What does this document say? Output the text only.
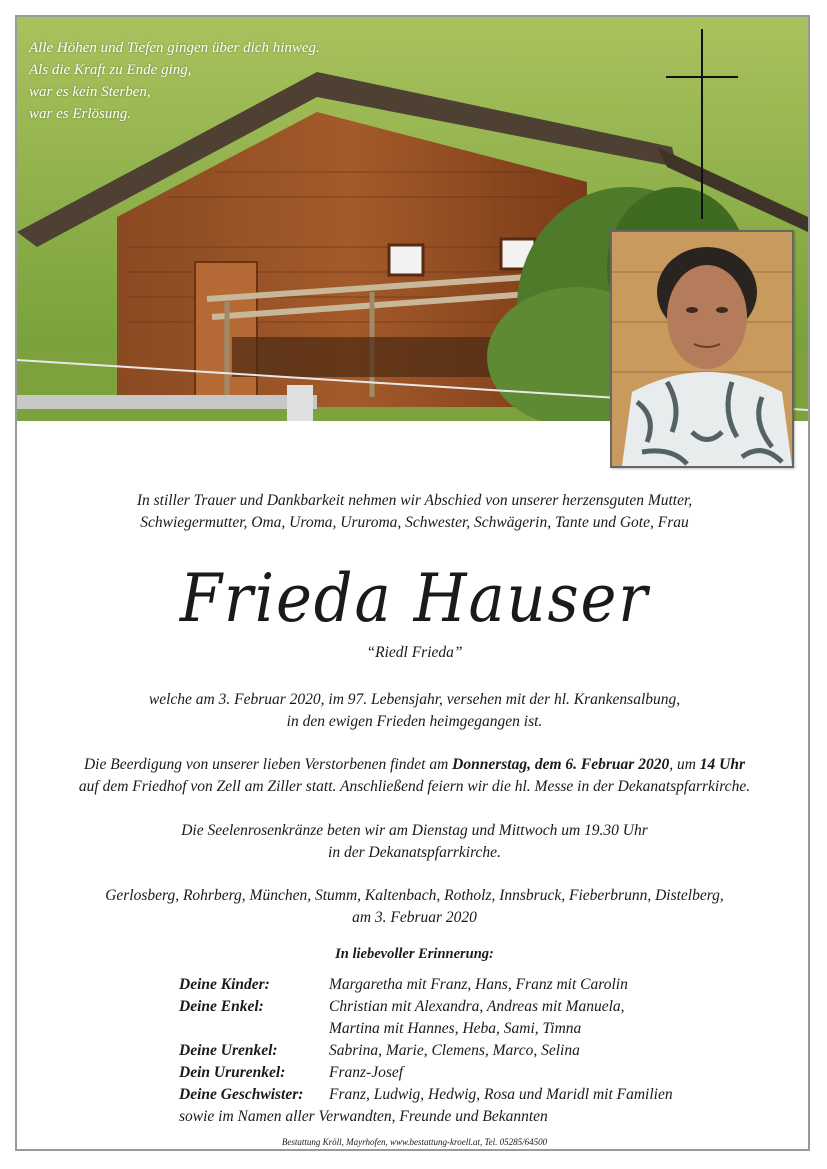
Alle Höhen und Tiefen gingen über dich hinweg.
Als die Kraft zu Ende ging,
war es kein Sterben,
war es Erlösung.
In stiller Trauer und Dankbarkeit nehmen wir Abschied von unserer herzensguten Mutter,
Schwiegermutter, Oma, Uroma, Ururoma, Schwester, Schwägerin, Tante und Gote, Frau
Frieda Hauser
“Riedl Frieda”
welche am 3. Februar 2020, im 97. Lebensjahr, versehen mit der hl. Krankensalbung,
in den ewigen Frieden heimgegangen ist.
Die Beerdigung von unserer lieben Verstorbenen findet am Donnerstag, dem 6. Februar 2020, um 14 Uhr
auf dem Friedhof von Zell am Ziller statt. Anschließend feiern wir die hl. Messe in der Dekanatspfarrkirche.
Die Seelenrosenkränze beten wir am Dienstag und Mittwoch um 19.30 Uhr
in der Dekanatspfarrkirche.
Gerlosberg, Rohrberg, München, Stumm, Kaltenbach, Rotholz, Innsbruck, Fieberbrunn, Distelberg,
am 3. Februar 2020
In liebevoller Erinnerung:
Deine Kinder:	Margaretha mit Franz, Hans, Franz mit Carolin
Deine Enkel:	Christian mit Alexandra, Andreas mit Manuela,
Martina mit Hannes, Heba, Sami, Timna
Deine Urenkel:	Sabrina, Marie, Clemens, Marco, Selina
Dein Ururenkel:	Franz-Josef
Deine Geschwister:	Franz, Ludwig, Hedwig, Rosa und Maridl mit Familien
sowie im Namen aller Verwandten, Freunde und Bekannten
Bestattung Kröll, Mayrhofen, www.bestattung-kroell.at, Tel. 05285/64500
